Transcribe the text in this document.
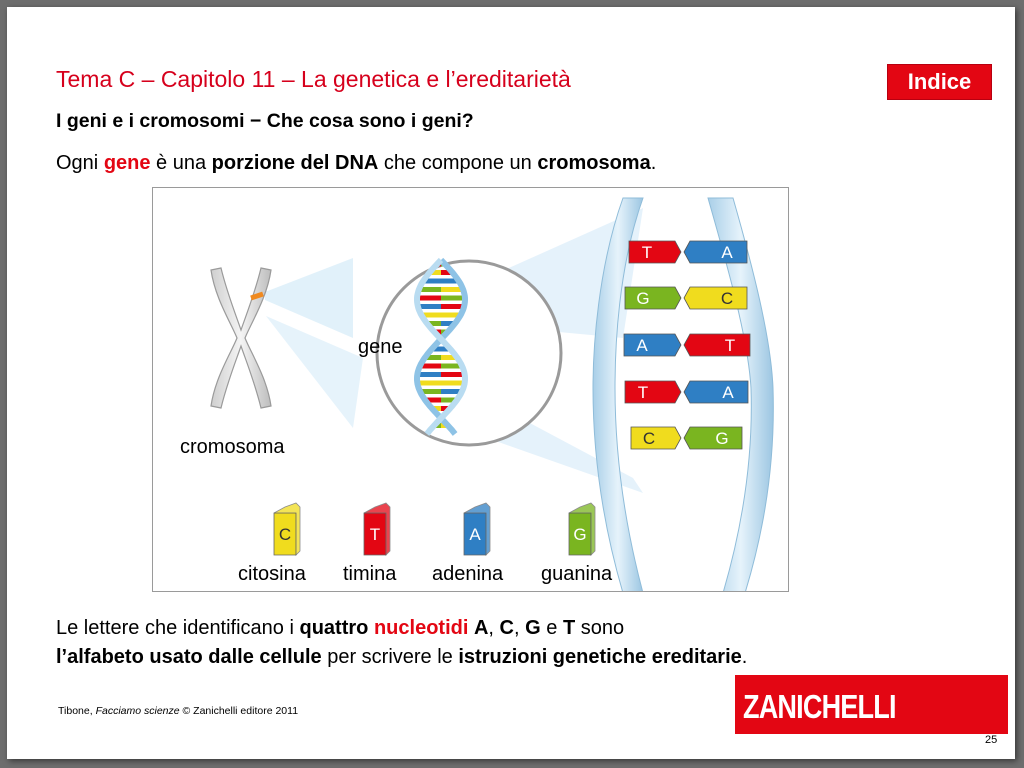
Tema C – Capitolo 11 – La genetica e l’ereditarietà	Indice
I geni e i cromosomi − Che cosa sono i geni?
Ogni gene è una porzione del DNA che compone un cromosoma.
T	A
G	C
A	T
T	A
C	G
C	T	A	G
gene
cromosoma
citosina timina adenina guanina
Le lettere che identificano i quattro nucleotidi A, C, G e T sono
l’alfabeto usato dalle cellule per scrivere le istruzioni genetiche ereditarie.
Tibone, Facciamo scienze © Zanichelli editore 2011	ZANICHELLI
25
